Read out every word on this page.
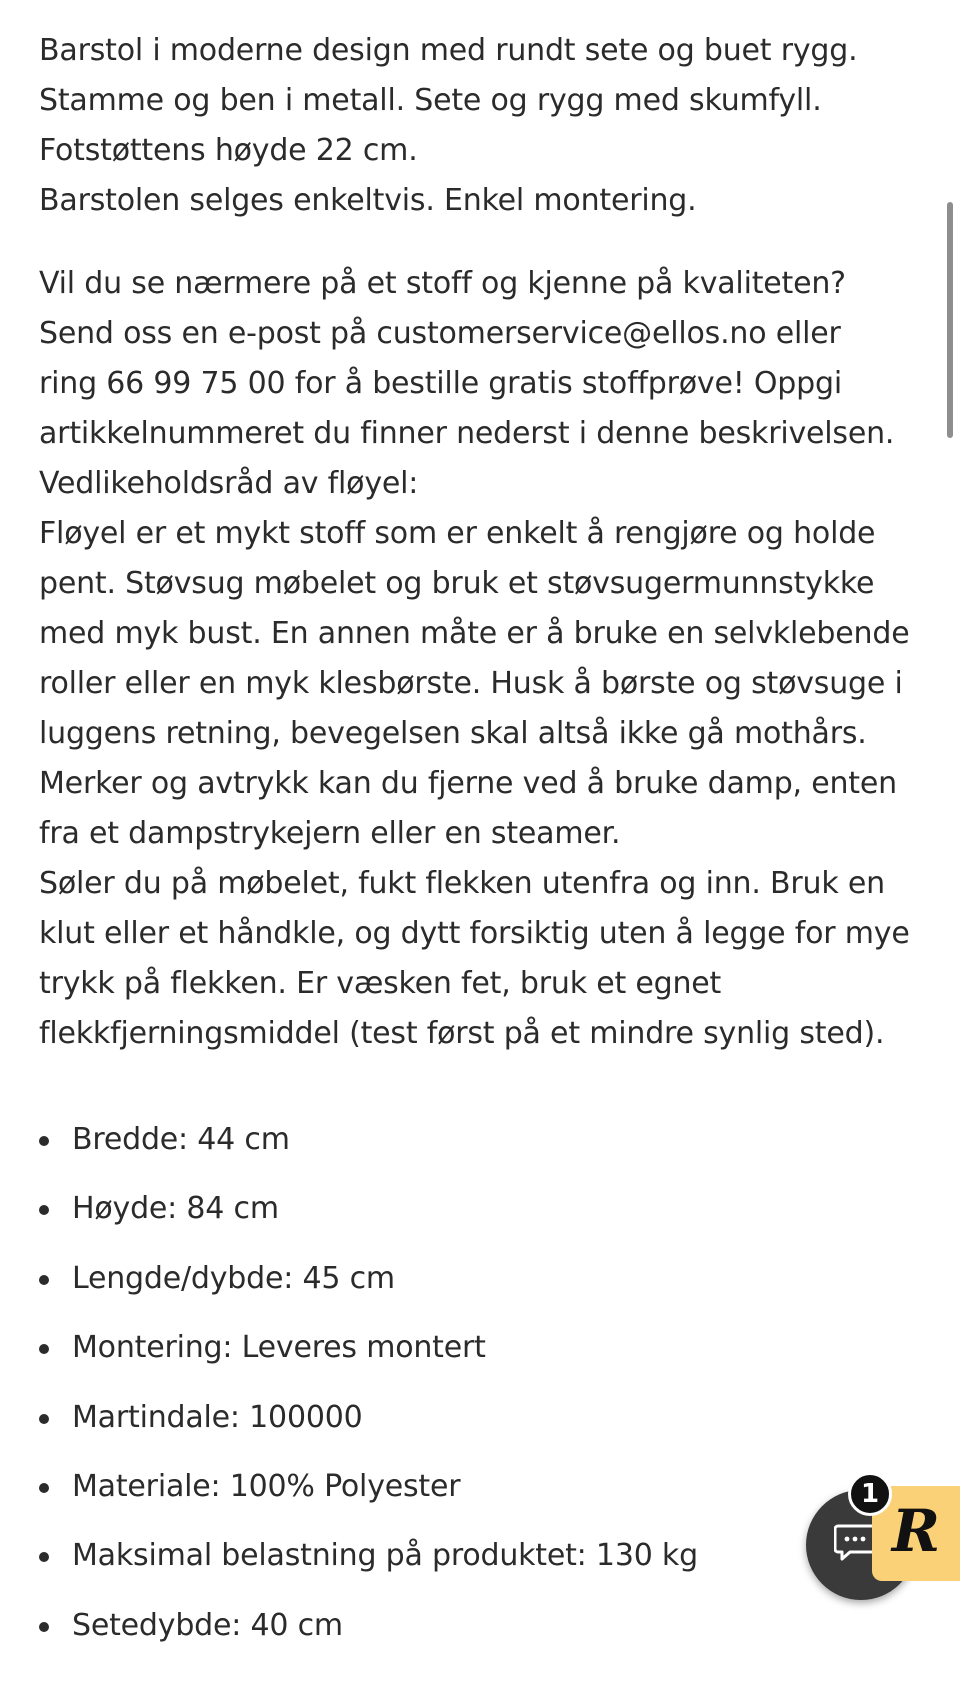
Barstol i moderne design med rundt sete og buet rygg.
Stamme og ben i metall. Sete og rygg med skumfyll.
Fotstøttens høyde 22 cm.
Barstolen selges enkeltvis. Enkel montering.

Vil du se nærmere på et stoff og kjenne på kvaliteten?
Send oss en e-post på customerservice@ellos.no eller
ring 66 99 75 00 for å bestille gratis stoffprøve! Oppgi
artikkelnummeret du finner nederst i denne beskrivelsen.
Vedlikeholdsråd av fløyel:
Fløyel er et mykt stoff som er enkelt å rengjøre og holde
pent. Støvsug møbelet og bruk et støvsugermunnstykke
med myk bust. En annen måte er å bruke en selvklebende
roller eller en myk klesbørste. Husk å børste og støvsuge i
luggens retning, bevegelsen skal altså ikke gå mothårs.
Merker og avtrykk kan du fjerne ved å bruke damp, enten
fra et dampstrykejern eller en steamer.
Søler du på møbelet, fukt flekken utenfra og inn. Bruk en
klut eller et håndkle, og dytt forsiktig uten å legge for mye
trykk på flekken. Er væsken fet, bruk et egnet
flekkfjerningsmiddel (test først på et mindre synlig sted).

Bredde: 44 cm
Høyde: 84 cm
Lengde/dybde: 45 cm
Montering: Leveres montert
Martindale: 100000
Materiale: 100% Polyester
Maksimal belastning på produktet: 130 kg
Setedybde: 40 cm
R
1
